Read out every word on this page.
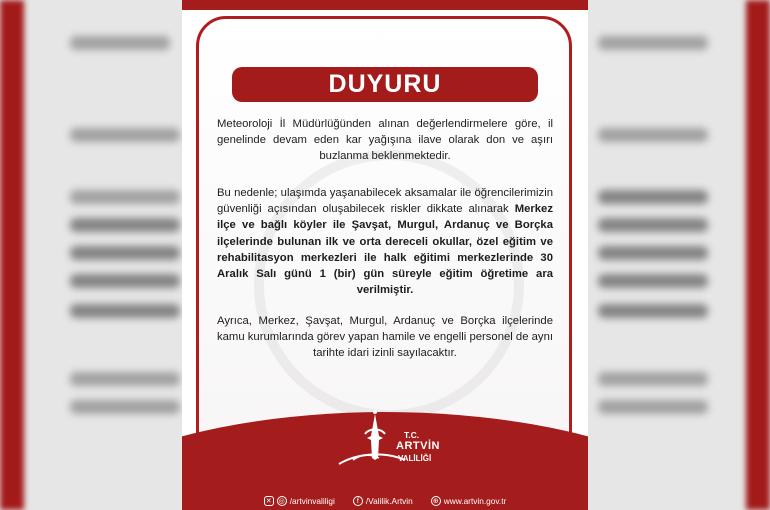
DUYURU
Meteoroloji İl Müdürlüğünden alınan değerlendirmelere göre, il genelinde devam eden kar yağışına ilave olarak don ve aşırı buzlanma beklenmektedir.
Bu nedenle; ulaşımda yaşanabilecek aksamalar ile öğrencilerimizin güvenliği açısından oluşabilecek riskler dikkate alınarak Merkez ilçe ve bağlı köyler ile Şavşat, Murgul, Ardanuç ve Borçka ilçelerinde bulunan ilk ve orta dereceli okullar, özel eğitim ve rehabilitasyon merkezleri ile halk eğitimi merkezlerinde 30 Aralık Salı günü 1 (bir) gün süreyle eğitim öğretime ara verilmiştir.
Ayrıca, Merkez, Şavşat, Murgul, Ardanuç ve Borçka ilçelerinde kamu kurumlarında görev yapan hamile ve engelli personel de aynı tarihte idari izinli sayılacaktır.
T.C.
ARTVİN
VALİLİĞİ
✕ ◎ /artvinvaliligi	f /Valilik.Artvin	⊕ www.artvin.gov.tr
